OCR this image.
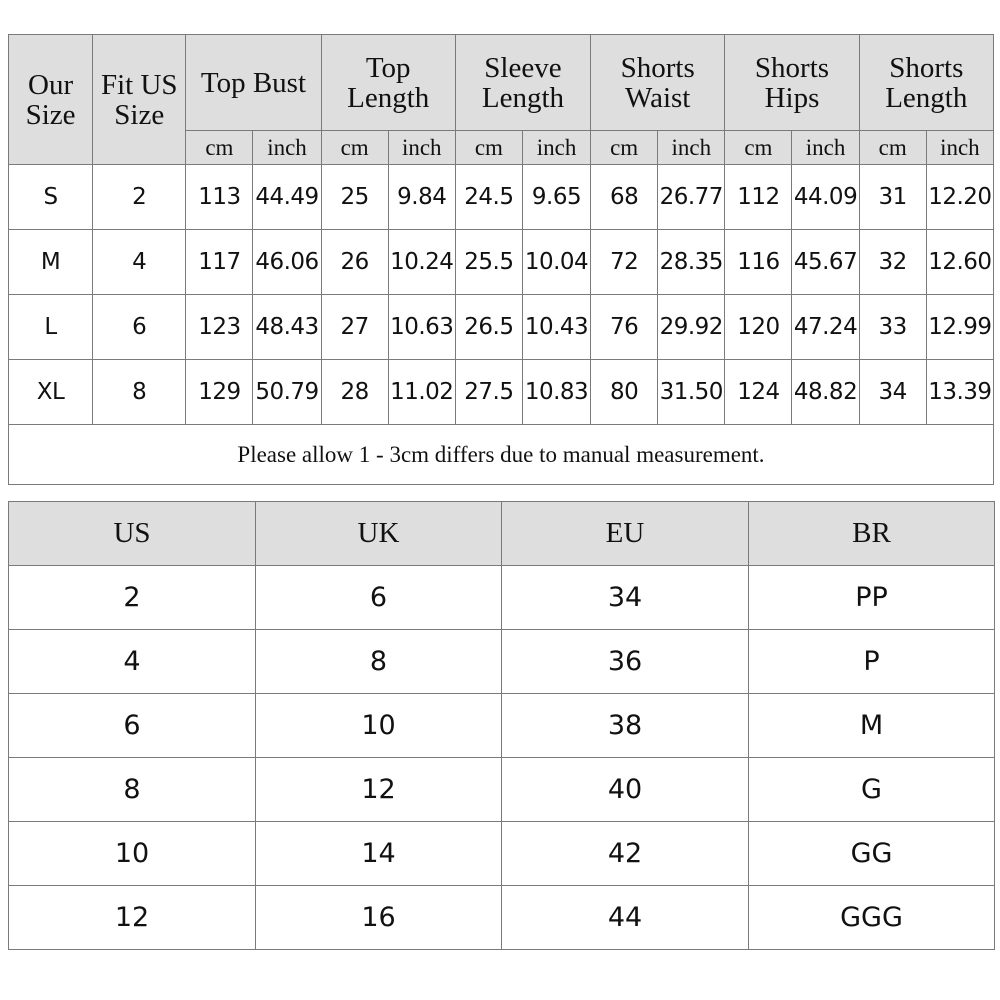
Our Size	Fit US Size	Top Bust		Top Length		Sleeve Length		Shorts Waist		Shorts Hips		Shorts Length	
		cm	inch	cm	inch	cm	inch	cm	inch	cm	inch	cm	inch
S	2	113	44.49	25	9.84	24.5	9.65	68	26.77	112	44.09	31	12.20
M	4	117	46.06	26	10.24	25.5	10.04	72	28.35	116	45.67	32	12.60
L	6	123	48.43	27	10.63	26.5	10.43	76	29.92	120	47.24	33	12.99
XL	8	129	50.79	28	11.02	27.5	10.83	80	31.50	124	48.82	34	13.39
Please allow 1 - 3cm differs due to manual measurement.													
US	UK	EU	BR
2	6	34	PP
4	8	36	P
6	10	38	M
8	12	40	G
10	14	42	GG
12	16	44	GGG
